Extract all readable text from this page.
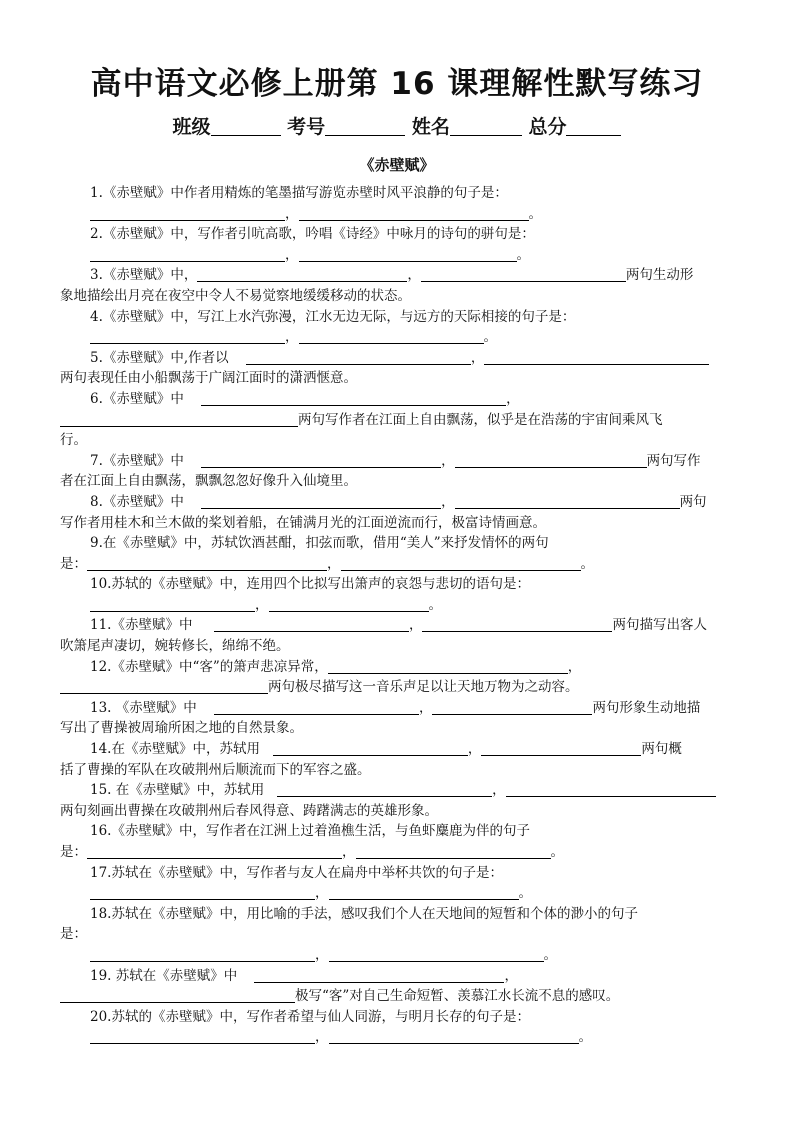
高中语文必修上册第 16 课理解性默写练习
班级	考号	姓名	总分
《赤壁赋》
1.《赤壁赋》中作者用精炼的笔墨描写游览赤壁时风平浪静的句子是：
，	。
2.《赤壁赋》中，写作者引吭高歌，吟唱《诗经》中咏月的诗句的骈句是：
，	。
3.《赤壁赋》中，	，	两句生动形
象地描绘出月亮在夜空中令人不易觉察地缓缓移动的状态。
4.《赤壁赋》中，写江上水汽弥漫，江水无边无际，与远方的天际相接的句子是：
，	。
5.《赤壁赋》中,作者以	，
两句表现任由小船飘荡于广阔江面时的潇洒惬意。
6.《赤壁赋》中	，
两句写作者在江面上自由飘荡，似乎是在浩荡的宇宙间乘风飞
行。
7.《赤壁赋》中	，	两句写作
者在江面上自由飘荡，飘飘忽忽好像升入仙境里。
8.《赤壁赋》中	，	两句
写作者用桂木和兰木做的桨划着船，在铺满月光的江面逆流而行，极富诗情画意。
9.在《赤壁赋》中，苏轼饮酒甚酣，扣弦而歌，借用“美人”来抒发情怀的两句
是：	，	。
10.苏轼的《赤壁赋》中，连用四个比拟写出箫声的哀怨与悲切的语句是：
，	。
11.《赤壁赋》中	，	两句描写出客人
吹箫尾声凄切，婉转修长，绵绵不绝。
12.《赤壁赋》中“客”的箫声悲凉异常，	，
两句极尽描写这一音乐声足以让天地万物为之动容。
13. 《赤壁赋》中	，	两句形象生动地描
写出了曹操被周瑜所困之地的自然景象。
14.在《赤壁赋》中，苏轼用	，	两句概
括了曹操的军队在攻破荆州后顺流而下的军容之盛。
15. 在《赤壁赋》中，苏轼用	，
两句刻画出曹操在攻破荆州后春风得意、踌躇满志的英雄形象。
16.《赤壁赋》中，写作者在江洲上过着渔樵生活，与鱼虾麋鹿为伴的句子
是：	，	。
17.苏轼在《赤壁赋》中，写作者与友人在扁舟中举杯共饮的句子是：
，	。
18.苏轼在《赤壁赋》中，用比喻的手法，感叹我们个人在天地间的短暂和个体的渺小的句子
是：
，	。
19. 苏轼在《赤壁赋》中	，
极写“客”对自己生命短暂、羡慕江水长流不息的感叹。
20.苏轼的《赤壁赋》中，写作者希望与仙人同游，与明月长存的句子是：
，	。
